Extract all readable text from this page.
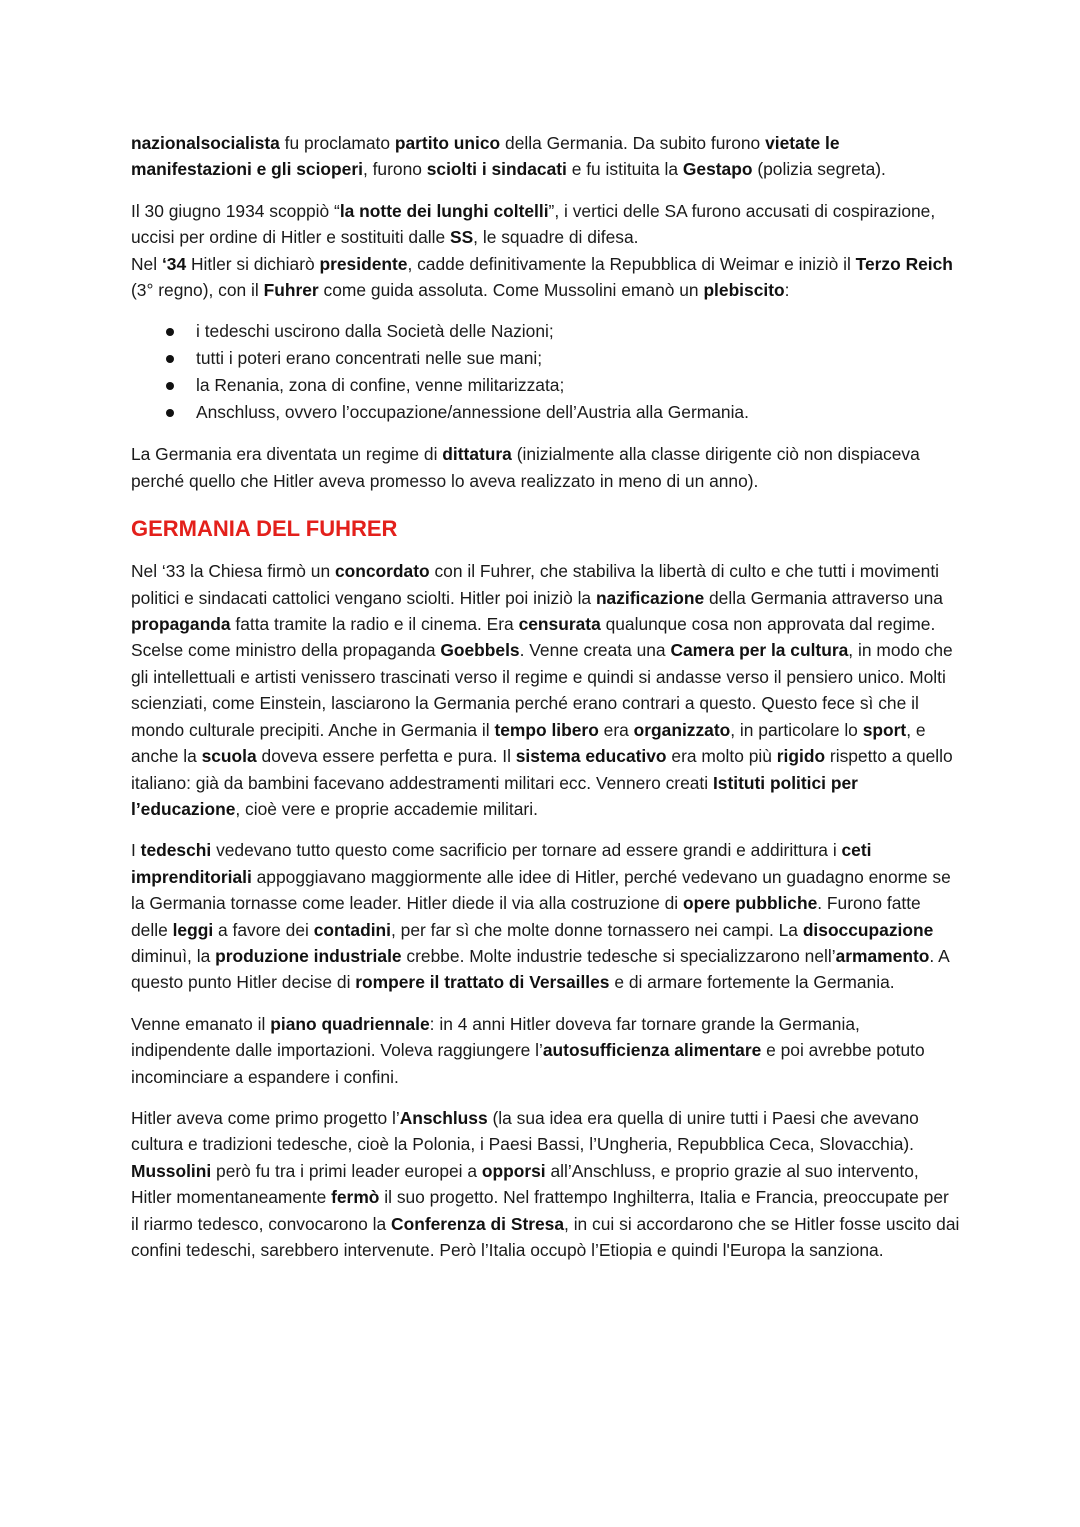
nazionalsocialista fu proclamato partito unico della Germania. Da subito furono vietate le manifestazioni e gli scioperi, furono sciolti i sindacati e fu istituita la Gestapo (polizia segreta).

Il 30 giugno 1934 scoppiò “la notte dei lunghi coltelli”, i vertici delle SA furono accusati di cospirazione, uccisi per ordine di Hitler e sostituiti dalle SS, le squadre di difesa.
Nel ‘34 Hitler si dichiarò presidente, cadde definitivamente la Repubblica di Weimar e iniziò il Terzo Reich (3° regno), con il Fuhrer come guida assoluta. Come Mussolini emanò un plebiscito:

i tedeschi uscirono dalla Società delle Nazioni;
tutti i poteri erano concentrati nelle sue mani;
la Renania, zona di confine, venne militarizzata;
Anschluss, ovvero l’occupazione/annessione dell’Austria alla Germania.

La Germania era diventata un regime di dittatura (inizialmente alla classe dirigente ciò non dispiaceva perché quello che Hitler aveva promesso lo aveva realizzato in meno di un anno).

GERMANIA DEL FUHRER

Nel ‘33 la Chiesa firmò un concordato con il Fuhrer, che stabiliva la libertà di culto e che tutti i movimenti politici e sindacati cattolici vengano sciolti. Hitler poi iniziò la nazificazione della Germania attraverso una propaganda fatta tramite la radio e il cinema. Era censurata qualunque cosa non approvata dal regime. Scelse come ministro della propaganda Goebbels. Venne creata una Camera per la cultura, in modo che gli intellettuali e artisti venissero trascinati verso il regime e quindi si andasse verso il pensiero unico. Molti scienziati, come Einstein, lasciarono la Germania perché erano contrari a questo. Questo fece sì che il mondo culturale precipiti. Anche in Germania il tempo libero era organizzato, in particolare lo sport, e anche la scuola doveva essere perfetta e pura. Il sistema educativo era molto più rigido rispetto a quello italiano: già da bambini facevano addestramenti militari ecc. Vennero creati Istituti politici per l’educazione, cioè vere e proprie accademie militari.

I tedeschi vedevano tutto questo come sacrificio per tornare ad essere grandi e addirittura i ceti imprenditoriali appoggiavano maggiormente alle idee di Hitler, perché vedevano un guadagno enorme se la Germania tornasse come leader. Hitler diede il via alla costruzione di opere pubbliche. Furono fatte delle leggi a favore dei contadini, per far sì che molte donne tornassero nei campi. La disoccupazione diminuì, la produzione industriale crebbe. Molte industrie tedesche si specializzarono nell’armamento. A questo punto Hitler decise di rompere il trattato di Versailles e di armare fortemente la Germania.

Venne emanato il piano quadriennale: in 4 anni Hitler doveva far tornare grande la Germania, indipendente dalle importazioni. Voleva raggiungere l’autosufficienza alimentare e poi avrebbe potuto incominciare a espandere i confini.

Hitler aveva come primo progetto l’Anschluss (la sua idea era quella di unire tutti i Paesi che avevano cultura e tradizioni tedesche, cioè la Polonia, i Paesi Bassi, l’Ungheria, Repubblica Ceca, Slovacchia). Mussolini però fu tra i primi leader europei a opporsi all’Anschluss, e proprio grazie al suo intervento, Hitler momentaneamente fermò il suo progetto. Nel frattempo Inghilterra, Italia e Francia, preoccupate per il riarmo tedesco, convocarono la Conferenza di Stresa, in cui si accordarono che se Hitler fosse uscito dai confini tedeschi, sarebbero intervenute. Però l’Italia occupò l’Etiopia e quindi l'Europa la sanziona.
